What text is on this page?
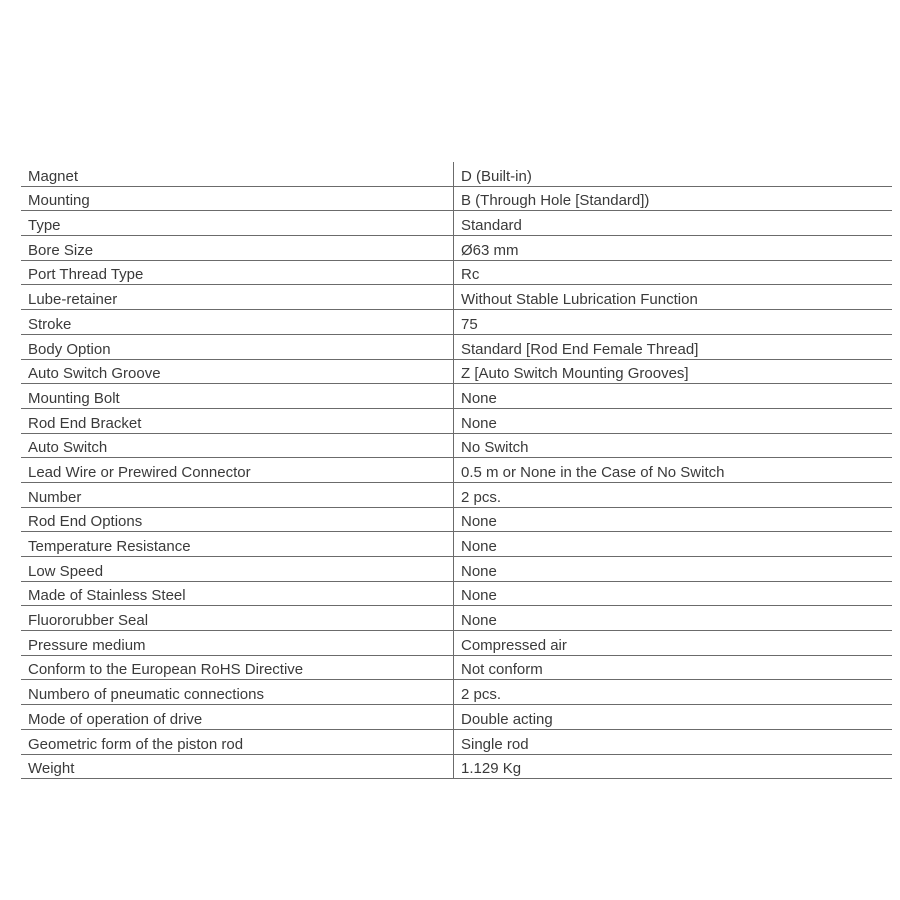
Magnet	D (Built-in)
Mounting	B (Through Hole [Standard])
Type	Standard
Bore Size	Ø63 mm
Port Thread Type	Rc
Lube-retainer	Without Stable Lubrication Function
Stroke	75
Body Option	Standard [Rod End Female Thread]
Auto Switch Groove	Z [Auto Switch Mounting Grooves]
Mounting Bolt	None
Rod End Bracket	None
Auto Switch	No Switch
Lead Wire or Prewired Connector	0.5 m or None in the Case of No Switch
Number	2 pcs.
Rod End Options	None
Temperature Resistance	None
Low Speed	None
Made of Stainless Steel	None
Fluororubber Seal	None
Pressure medium	Compressed air
Conform to the European RoHS Directive	Not conform
Numbero of pneumatic connections	2 pcs.
Mode of operation of drive	Double acting
Geometric form of the piston rod	Single rod
Weight	1.129 Kg
